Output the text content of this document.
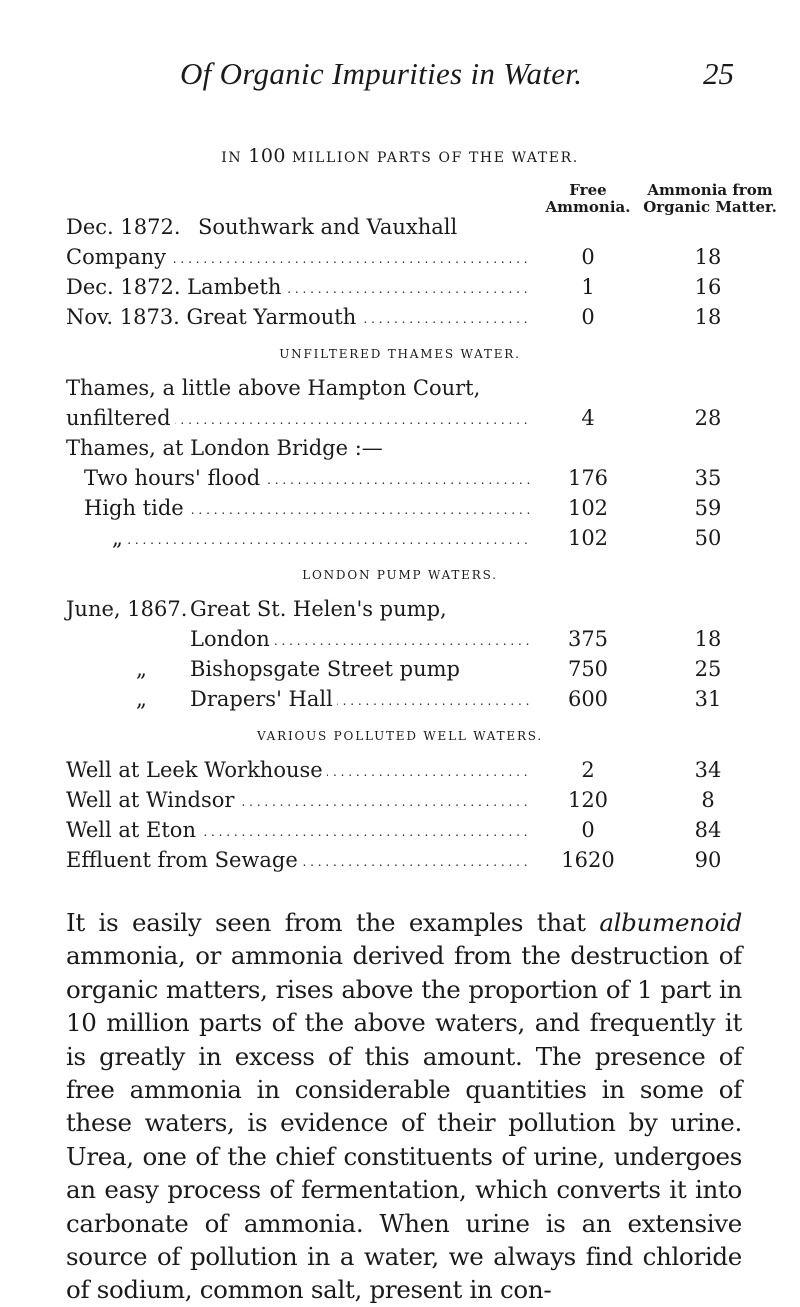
Of Organic Impurities in Water.	25
IN 100 MILLION PARTS OF THE WATER.
Free
Ammonia.
Ammonia from
Organic Matter.
Dec. 1872. Southwark and Vauxhall
Company . . .	0	18
Dec. 1872. Lambeth . . .	1	16
Nov. 1873. Great Yarmouth . . .	0	18
UNFILTERED THAMES WATER.
Thames, a little above Hampton Court,
unfiltered . . .	4	28
Thames, at London Bridge :—
Two hours' flood . . .	176	35
High tide . . .	102	59
„ . . .	102	50
LONDON PUMP WATERS.
June, 1867. Great St. Helen's pump,
London . . .	375	18
„ Bishopsgate Street pump	750	25
„ Drapers' Hall . . .	600	31
VARIOUS POLLUTED WELL WATERS.
Well at Leek Workhouse . . .	2	34
Well at Windsor . . .	120	8
Well at Eton . . .	0	84
Effluent from Sewage . . .	1620	90

It is easily seen from the examples that albumenoid ammonia, or ammonia derived from the destruction of organic matters, rises above the proportion of 1 part in 10 million parts of the above waters, and frequently it is greatly in excess of this amount. The presence of free ammonia in considerable quantities in some of these waters, is evidence of their pollution by urine. Urea, one of the chief constituents of urine, undergoes an easy process of fermentation, which converts it into carbonate of ammonia. When urine is an extensive source of pollution in a water, we always find chloride of sodium, common salt, present in con-
